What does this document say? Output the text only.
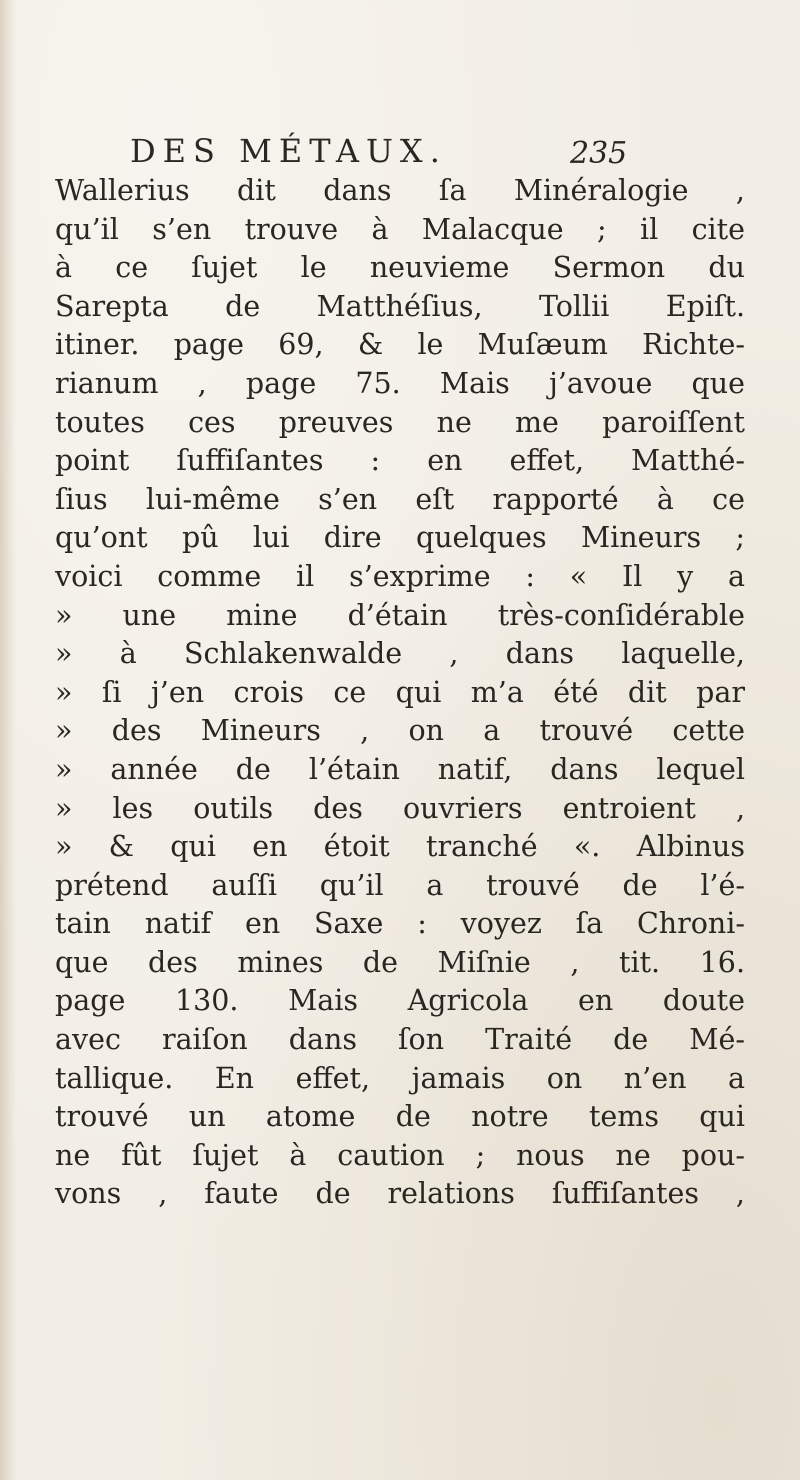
DES MÉTAUX.	235
Wallerius dit dans ſa Minéralogie ,
qu’il s’en trouve à Malacque ; il cite
à ce ſujet le neuvieme Sermon du
Sarepta de Matthéſius, Tollii Epiſt.
itiner. page 69, & le Muſæum Richte-
rianum , page 75. Mais j’avoue que
toutes ces preuves ne me paroiſſent
point ſuffiſantes : en effet, Matthé-
ſius lui-même s’en eſt rapporté à ce
qu’ont pû lui dire quelques Mineurs ;
voici comme il s’exprime : « Il y a
» une mine d’étain très-conſidérable
» à Schlakenwalde , dans laquelle,
» ſi j’en crois ce qui m’a été dit par
» des Mineurs , on a trouvé cette
» année de l’étain natif, dans lequel
» les outils des ouvriers entroient ,
» & qui en étoit tranché «. Albinus
prétend auſſi qu’il a trouvé de l’é-
tain natif en Saxe : voyez ſa Chroni-
que des mines de Miſnie , tit. 16.
page 130. Mais Agricola en doute
avec raiſon dans ſon Traité de Mé-
tallique. En effet, jamais on n’en a
trouvé un atome de notre tems qui
ne fût ſujet à caution ; nous ne pou-
vons , faute de relations ſuffiſantes ,
